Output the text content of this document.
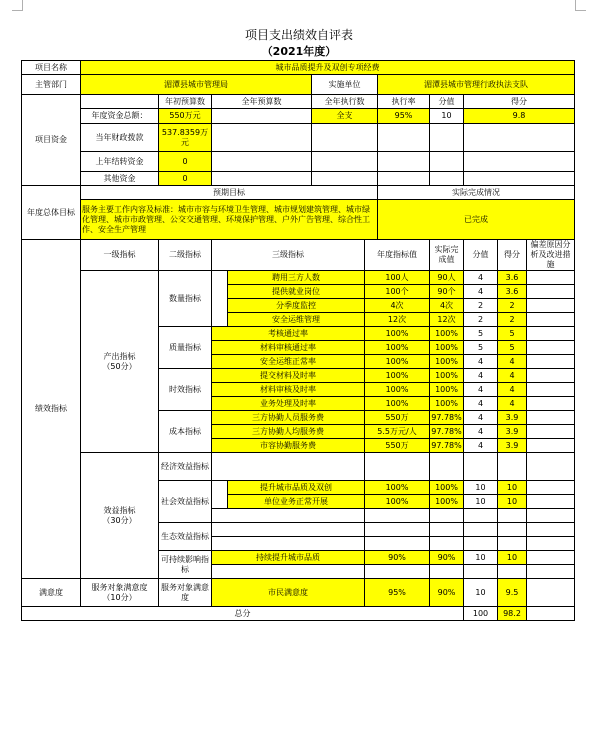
项目支出绩效自评表
（2021年度）
项目名称	城市品质提升及双创专项经费										
主管部门	湄潭县城市管理局				实施单位		湄潭县城市管理行政执法支队				
项目资金		年初预算数	全年预算数		全年执行数		执行率	分值	得分		
	年度资金总额：	550万元			全支		95%	10	9.8		
	当年财政拨款	537.8359万元									
	上年结转资金	0									
	其他资金	0									
年度总体目标	预期目标						实际完成情况				
	服务主要工作内容及标准：城市市容与环境卫生管理、城市规划建筑管理、城市绿化管理、城市市政管理、公交交通管理、环境保护管理、户外广告管理、综合性工作、安全生产管理						已完成				
绩效指标	一级指标	二级指标	三级指标			年度指标值		实际完成值	分值	得分	偏差原因分析及改进措施
	产出指标
（50分）	数量指标		聘用三方人数		100人		90人	4	3.6	
				提供就业岗位		100个		90个	4	3.6	
				分季度监控		4次		4次	2	2	
				安全运维管理		12次		12次	2	2	
		质量指标	考核通过率			100%		100%	5	5	
			材料审核通过率			100%		100%	5	5	
			安全运维正常率			100%		100%	4	4	
		时效指标	提交材料及时率			100%		100%	4	4	
			材料审核及时率			100%		100%	4	4	
			业务处理及时率			100%		100%	4	4	
		成本指标	三方协勤人员服务费			550万		97.78%	4	3.9	
			三方协勤人均服务费			5.5万元/人		97.78%	4	3.9	
			市容协勤服务费			550万		97.78%	4	3.9	
	效益指标
（30分）	经济效益指标									
		社会效益指标		提升城市品质及双创		100%		100%	10	10	
				单位业务正常开展		100%		100%	10	10	

		生态效益指标									

		可持续影响指标	持续提升城市品质			90%		90%	10	10	

满意度	服务对象满意度
（10分）	服务对象满意度	市民满意度			95%		90%	10	9.5	
总分									100	98.2	
